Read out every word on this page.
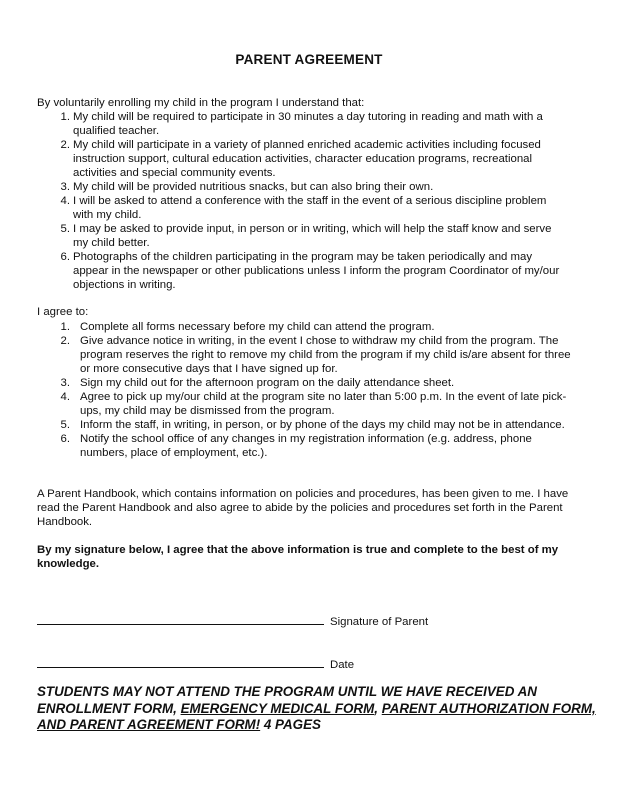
PARENT AGREEMENT
By voluntarily enrolling my child in the program I understand that:
1. My child will be required to participate in 30 minutes a day tutoring in reading and math with a qualified teacher.
2. My child will participate in a variety of planned enriched academic activities including focused instruction support, cultural education activities, character education programs, recreational activities and special community events.
3. My child will be provided nutritious snacks, but can also bring their own.
4. I will be asked to attend a conference with the staff in the event of a serious discipline problem with my child.
5. I may be asked to provide input, in person or in writing, which will help the staff know and serve my child better.
6. Photographs of the children participating in the program may be taken periodically and may appear in the newspaper or other publications unless I inform the program Coordinator of my/our objections in writing.
I agree to:
1. Complete all forms necessary before my child can attend the program.
2. Give advance notice in writing, in the event I chose to withdraw my child from the program. The program reserves the right to remove my child from the program if my child is/are absent for three or more consecutive days that I have signed up for.
3. Sign my child out for the afternoon program on the daily attendance sheet.
4. Agree to pick up my/our child at the program site no later than 5:00 p.m. In the event of late pick-ups, my child may be dismissed from the program.
5. Inform the staff, in writing, in person, or by phone of the days my child may not be in attendance.
6. Notify the school office of any changes in my registration information (e.g. address, phone numbers, place of employment, etc.).
A Parent Handbook, which contains information on policies and procedures, has been given to me. I have read the Parent Handbook and also agree to abide by the policies and procedures set forth in the Parent Handbook.
By my signature below, I agree that the above information is true and complete to the best of my knowledge.
Signature of Parent
Date
STUDENTS MAY NOT ATTEND THE PROGRAM UNTIL WE HAVE RECEIVED AN ENROLLMENT FORM, EMERGENCY MEDICAL FORM, PARENT AUTHORIZATION FORM, AND PARENT AGREEMENT FORM! 4 PAGES
